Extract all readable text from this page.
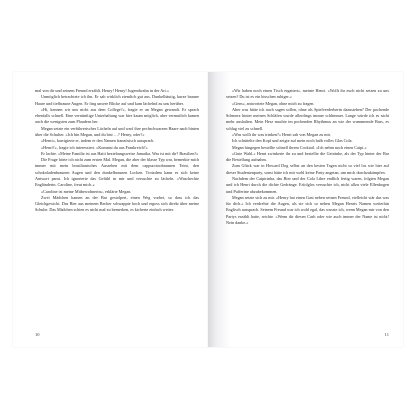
mal von dir und seinem Freund erzählt. Henry! Henry! Jugendwahn in der Art.«

Unmöglich betrachtete ich ihn. Er sah wirklich ziemlich gut aus. Dunkelhäutig, kurze braune Haare und tiefbraune Augen. Er fing unsere Blicke auf und kam lächelnd zu uns herüber.

»Hi, kennen wir uns nicht aus dem College?«, fragte er an Megan gewandt. Er sprach ebenfalls schnell. Eine vernünftige Unterhaltung war hier kaum möglich, aber vermutlich kamen auch die wenigsten zum Plaudern her.

Megan setzte ein verführerisches Lächeln auf und warf ihre pechschwarzen Haare nach hinten über die Schulter. »Ich bin Megan, und du bist …? Henry, oder?«

»Henri«, korrigierte er, indem er den Namen französisch aussprach.

»Henri?«, fragte ich interessiert. »Kommst du aus Frankreich?«

Er lachte. »Meine Familie ist aus Haiti beziehungsweise Jamaika. Was ist mit dir? Brasilien?«

Die Frage hörte ich nicht zum ersten Mal. Megan, die aber der blasse Typ war, bemerkte mich immer mit mein brasilianisches Aussehen mit dem cappuccinobraunen Teint, den schokoladenbraunen Augen und den dunkelbraunen Locken. Trotzdem kann es sich keine Antwort parat. Ich ignorierte das Gefühl in mir und versuchte zu lächeln. »Waschechte Engländerin. Caroline, freut mich.«

»Caroline ist meine Mitbewohnerin«, erklärte Megan.

Zwei Mädchen kamen an der Bar gestolpert, einen Weg vorbei, so dass ich das Gleichgewicht. Das Bier aus meinem Becher schwappte hoch und ergoss sich direkt über meine Schuhe. Das Mädchen schien es nicht mal zu bemerken, es kicherte einfach weiter.

10

»Wir haben noch einen Tisch ergattert«, meinte Henri. »Wollt ihr euch nicht setzen zu uns setzen? Du ist es ein bisschen ruhiger.«

»Gern«, antwortete Megan, ohne mich zu fragen.

Aber was hätte ich auch sagen sollen, ohne als Spielverderberin dazustehen? Der pochende Schmerz hinter meinen Schläfen wurde allerdings immer schlimmer. Lange würde ich es nicht mehr aushalten. Mein Herz machte im pochenden Rhythmus an wie der wummernde Bass, es schlug viel zu schnell.

»Was wollt ihr was trinken?« Henri sah von Megan zu mir.

Ich schüttelte den Kopf und zeigte auf mein noch halb volles Glas Cola.

Megan hingegen bestellte schnell ihrem Cocktail. »Ich nehm noch einen Caipi.«

»Gute Wahl.« Henri zwinkerte ihr zu und bestellte die Getränke, als der Typ hinter der Bar die Bestellung aufnahm.

Zum Glück war in Howard Dog selbst an den besten Tagen nicht so viel los wie hier auf dieser Studentenparty, sonst hätte ich mir wohl keine Party angetan, um mich durchzukämpfen.

Nachdem der Caipirinha, das Bier und der Cola Libre endlich fertig waren, folgten Megan und ich Henri durch die dichte Gedränge. Erfolglos versuchte ich, nicht allzu viele Ellenbogen und Pufferine abzubekommen.

Megan setzte sich zu mir. »Henry hat einen Gast neben seinen Freund, vielleicht wär das was für dich.« Ich verdrehte die Augen, als sie sich so neben Megan Henris Namen weiterhin Englisch aussprach. Seinem Freund war ich wohl egal, das wusste ich, wenn Megan mir von den Partys erzählt hatte, reichte. »Wenn dir diesen Cash oder wie auch immer der Name ist nicht! Nein danke.«

11
